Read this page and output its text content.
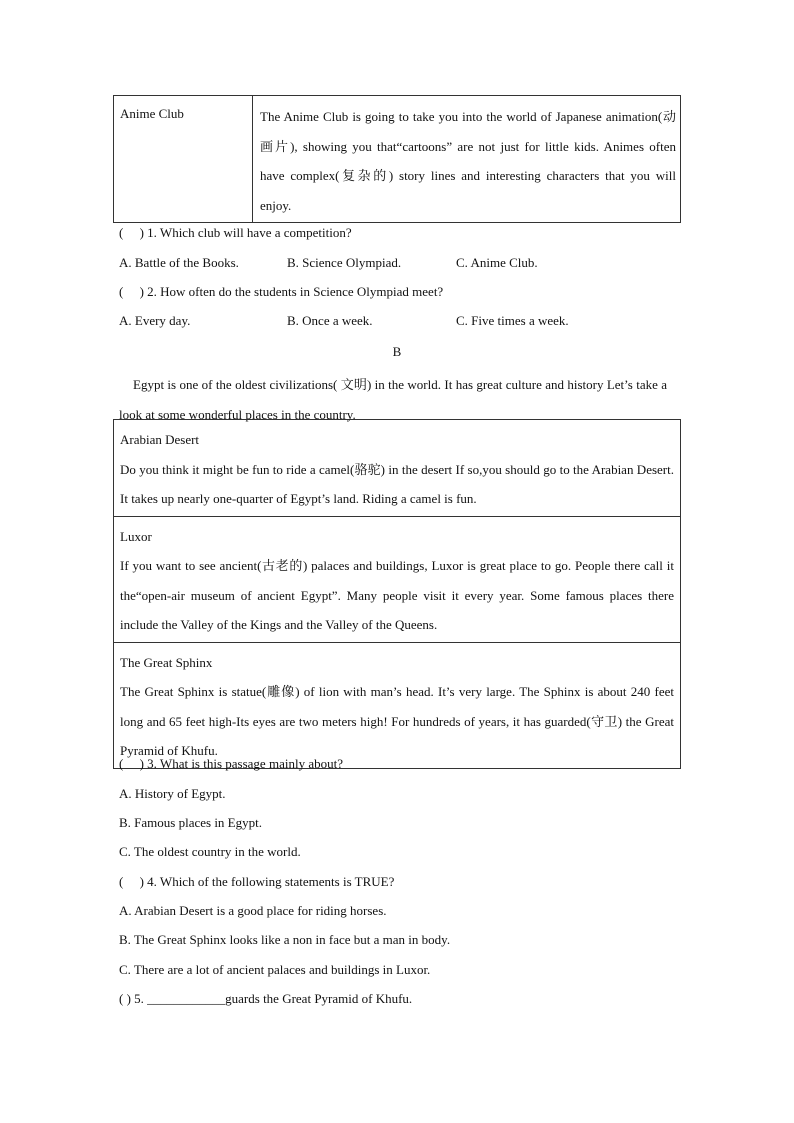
Anime Club	The Anime Club is going to take you into the world of Japanese animation(动画片), showing you that“cartoons” are not just for little kids. Animes often have complex(复杂的) story lines and interesting characters that you will enjoy.
(　 ) 1. Which club will have a competition?
A. Battle of the Books.	B. Science Olympiad.	C. Anime Club.
(　 ) 2. How often do the students in Science Olympiad meet?
A. Every day.	B. Once a week.	C. Five times a week.
B
Egypt is one of the oldest civilizations( 文明) in the world. It has great culture and history Let’s take a look at some wonderful places in the country.
Arabian Desert
Do you think it might be fun to ride a camel(骆驼) in the desert If so,you should go to the Arabian Desert. It takes up nearly one-quarter of Egypt’s land. Riding a camel is fun.

Luxor
If you want to see ancient(古老的) palaces and buildings, Luxor is great place to go. People there call it the“open-air museum of ancient Egypt”. Many people visit it every year. Some famous places there include the Valley of the Kings and the Valley of the Queens.

The Great Sphinx
The Great Sphinx is statue(雕像) of lion with man’s head. It’s very large. The Sphinx is about 240 feet long and 65 feet high-Its eyes are two meters high! For hundreds of years, it has guarded(守卫) the Great Pyramid of Khufu.
(　 ) 3. What is this passage mainly about?
A. History of Egypt.
B. Famous places in Egypt.
C. The oldest country in the world.
(　 ) 4. Which of the following statements is TRUE?
A. Arabian Desert is a good place for riding horses.
B. The Great Sphinx looks like a non in face but a man in body.
C. There are a lot of ancient palaces and buildings in Luxor.
( ) 5. ____________guards the Great Pyramid of Khufu.
